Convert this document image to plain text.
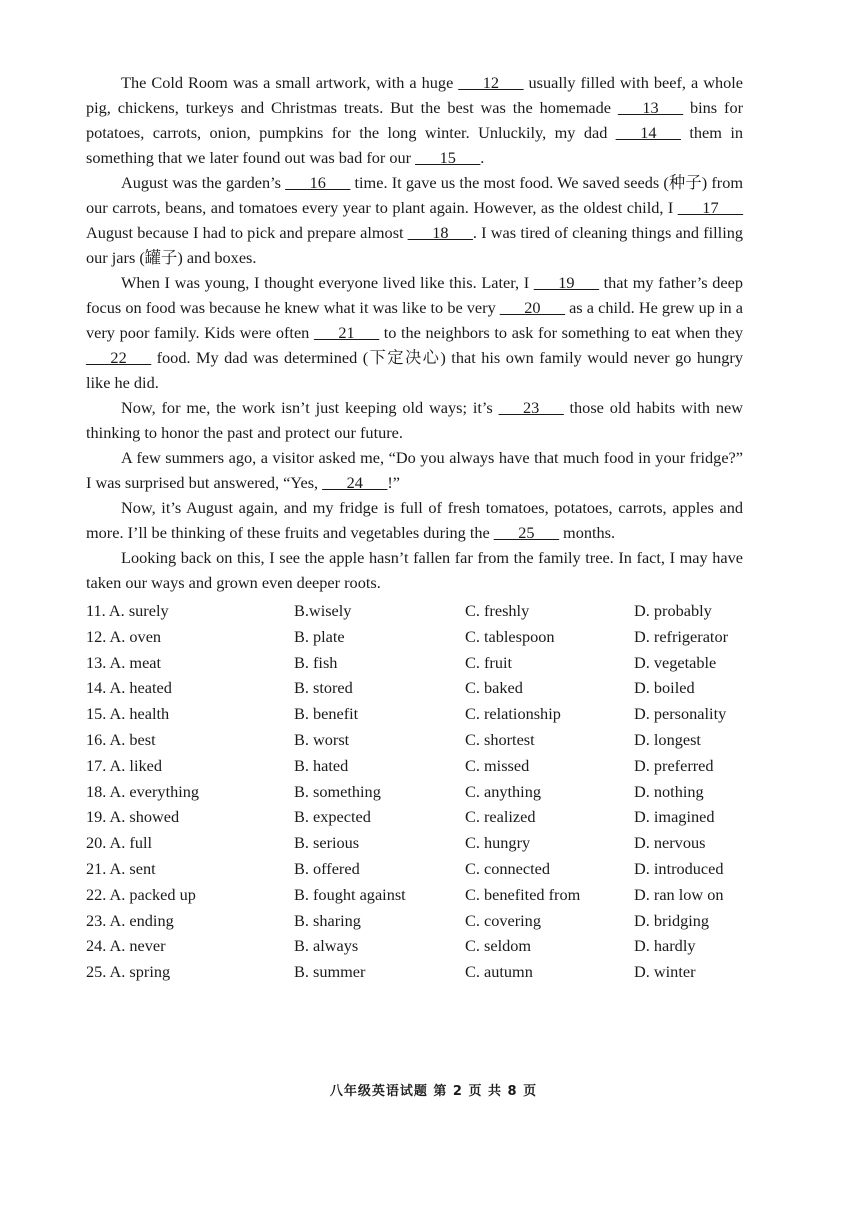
The Cold Room was a small artwork, with a huge ___12___ usually filled with beef, a whole pig, chickens, turkeys and Christmas treats. But the best was the homemade ___13___ bins for potatoes, carrots, onion, pumpkins for the long winter. Unluckily, my dad ___14___ them in something that we later found out was bad for our ___15___.

August was the garden’s ___16___ time. It gave us the most food. We saved seeds (种子) from our carrots, beans, and tomatoes every year to plant again. However, as the oldest child, I ___17___ August because I had to pick and prepare almost ___18___. I was tired of cleaning things and filling our jars (罐子) and boxes.

When I was young, I thought everyone lived like this. Later, I ___19___ that my father’s deep focus on food was because he knew what it was like to be very ___20___ as a child. He grew up in a very poor family. Kids were often ___21___ to the neighbors to ask for something to eat when they ___22___ food. My dad was determined (下定决心) that his own family would never go hungry like he did.

Now, for me, the work isn’t just keeping old ways; it’s ___23___ those old habits with new thinking to honor the past and protect our future.

A few summers ago, a visitor asked me, “Do you always have that much food in your fridge?” I was surprised but answered, “Yes, ___24___!”

Now, it’s August again, and my fridge is full of fresh tomatoes, potatoes, carrots, apples and more. I’ll be thinking of these fruits and vegetables during the ___25___ months.

Looking back on this, I see the apple hasn’t fallen far from the family tree. In fact, I may have taken our ways and grown even deeper roots.

11. A. surely	B.wisely	C. freshly	D. probably
12. A. oven	B. plate	C. tablespoon	D. refrigerator
13. A. meat	B. fish	C. fruit	D. vegetable
14. A. heated	B. stored	C. baked	D. boiled
15. A. health	B. benefit	C. relationship	D. personality
16. A. best	B. worst	C. shortest	D. longest
17. A. liked	B. hated	C. missed	D. preferred
18. A. everything	B. something	C. anything	D. nothing
19. A. showed	B. expected	C. realized	D. imagined
20. A. full	B. serious	C. hungry	D. nervous
21. A. sent	B. offered	C. connected	D. introduced
22. A. packed up	B. fought against	C. benefited from	D. ran low on
23. A. ending	B. sharing	C. covering	D. bridging
24. A. never	B. always	C. seldom	D. hardly
25. A. spring	B. summer	C. autumn	D. winter
八年级英语试题 第 2 页 共 8 页
